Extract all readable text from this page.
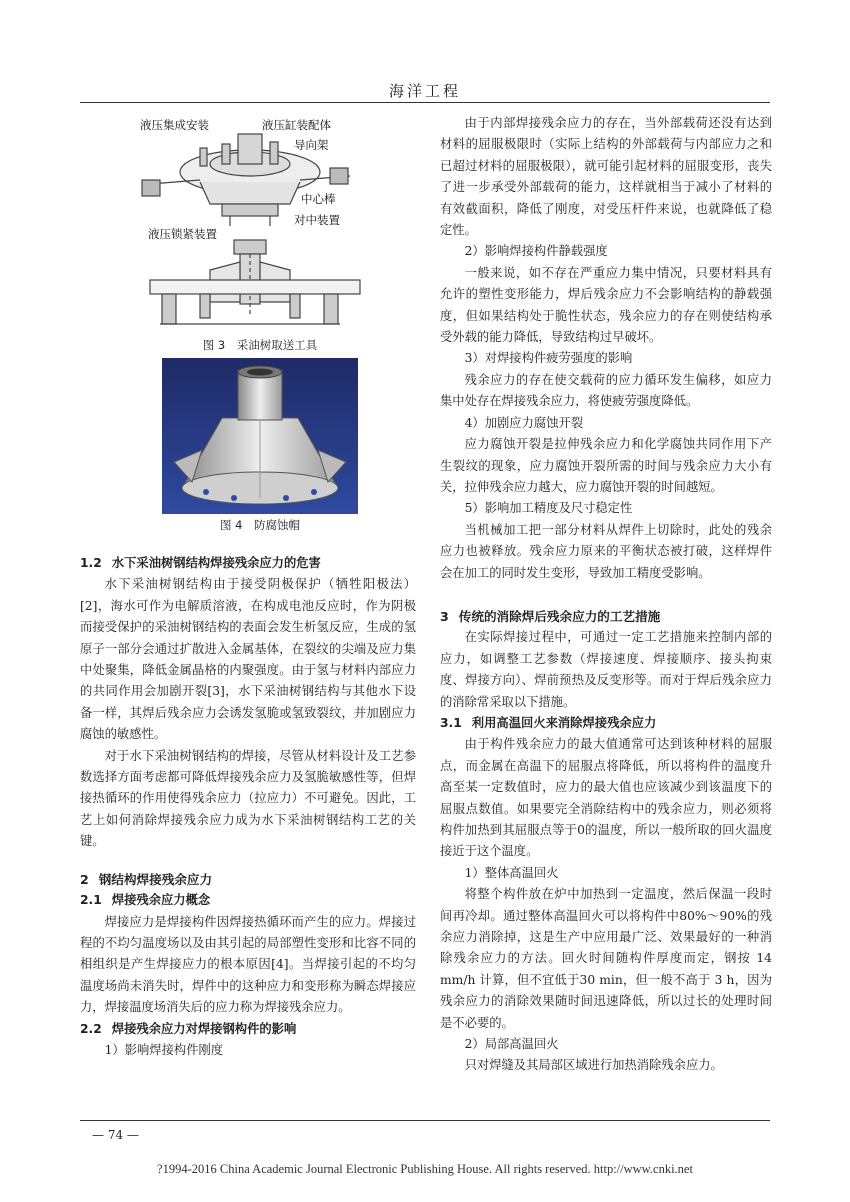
海洋工程
液压集成安装	液压缸装配体
导向架
中心棒
对中装置
液压锁紧装置
图 3　采油树取送工具
图 4　防腐蚀帽

1.2 水下采油树钢结构焊接残余应力的危害

水下采油树钢结构由于接受阴极保护（牺牲阳极法）[2]，海水可作为电解质溶液，在构成电池反应时，作为阴极而接受保护的采油树钢结构的表面会发生析氢反应，生成的氢原子一部分会通过扩散进入金属基体，在裂纹的尖端及应力集中处聚集，降低金属晶格的内聚强度。由于氢与材料内部应力的共同作用会加剧开裂[3]，水下采油树钢结构与其他水下设备一样，其焊后残余应力会诱发氢脆或氢致裂纹，并加剧应力腐蚀的敏感性。

对于水下采油树钢结构的焊接，尽管从材料设计及工艺参数选择方面考虑都可降低焊接残余应力及氢脆敏感性等，但焊接热循环的作用使得残余应力（拉应力）不可避免。因此，工艺上如何消除焊接残余应力成为水下采油树钢结构工艺的关键。

2 钢结构焊接残余应力

2.1 焊接残余应力概念

焊接应力是焊接构件因焊接热循环而产生的应力。焊接过程的不均匀温度场以及由其引起的局部塑性变形和比容不同的相组织是产生焊接应力的根本原因[4]。当焊接引起的不均匀温度场尚未消失时，焊件中的这种应力和变形称为瞬态焊接应力，焊接温度场消失后的应力称为焊接残余应力。

2.2 焊接残余应力对焊接钢构件的影响

1）影响焊接构件刚度

由于内部焊接残余应力的存在，当外部载荷还没有达到材料的屈服极限时（实际上结构的外部载荷与内部应力之和已超过材料的屈服极限），就可能引起材料的屈服变形，丧失了进一步承受外部载荷的能力，这样就相当于减小了材料的有效截面积，降低了刚度，对受压杆件来说，也就降低了稳定性。

2）影响焊接构件静载强度

一般来说，如不存在严重应力集中情况，只要材料具有允许的塑性变形能力，焊后残余应力不会影响结构的静载强度，但如果结构处于脆性状态，残余应力的存在则使结构承受外载的能力降低，导致结构过早破坏。

3）对焊接构件疲劳强度的影响

残余应力的存在使交载荷的应力循环发生偏移，如应力集中处存在焊接残余应力，将使疲劳强度降低。

4）加剧应力腐蚀开裂

应力腐蚀开裂是拉伸残余应力和化学腐蚀共同作用下产生裂纹的现象，应力腐蚀开裂所需的时间与残余应力大小有关，拉伸残余应力越大，应力腐蚀开裂的时间越短。

5）影响加工精度及尺寸稳定性

当机械加工把一部分材料从焊件上切除时，此处的残余应力也被释放。残余应力原来的平衡状态被打破，这样焊件会在加工的同时发生变形，导致加工精度受影响。

3 传统的消除焊后残余应力的工艺措施

在实际焊接过程中，可通过一定工艺措施来控制内部的应力，如调整工艺参数（焊接速度、焊接顺序、接头拘束度、焊接方向）、焊前预热及反变形等。而对于焊后残余应力的消除常采取以下措施。

3.1 利用高温回火来消除焊接残余应力

由于构件残余应力的最大值通常可达到该种材料的屈服点，而金属在高温下的屈服点将降低，所以将构件的温度升高至某一定数值时，应力的最大值也应该减少到该温度下的屈服点数值。如果要完全消除结构中的残余应力，则必须将构件加热到其屈服点等于0的温度，所以一般所取的回火温度接近于这个温度。

1）整体高温回火

将整个构件放在炉中加热到一定温度，然后保温一段时间再冷却。通过整体高温回火可以将构件中80%～90%的残余应力消除掉，这是生产中应用最广泛、效果最好的一种消除残余应力的方法。回火时间随构件厚度而定，钢按 14 mm/h 计算，但不宜低于30 min，但一般不高于 3 h，因为残余应力的消除效果随时间迅速降低，所以过长的处理时间是不必要的。

2）局部高温回火

只对焊缝及其局部区域进行加热消除残余应力。

— 74 —
?1994-2016 China Academic Journal Electronic Publishing House. All rights reserved. http://www.cnki.net
